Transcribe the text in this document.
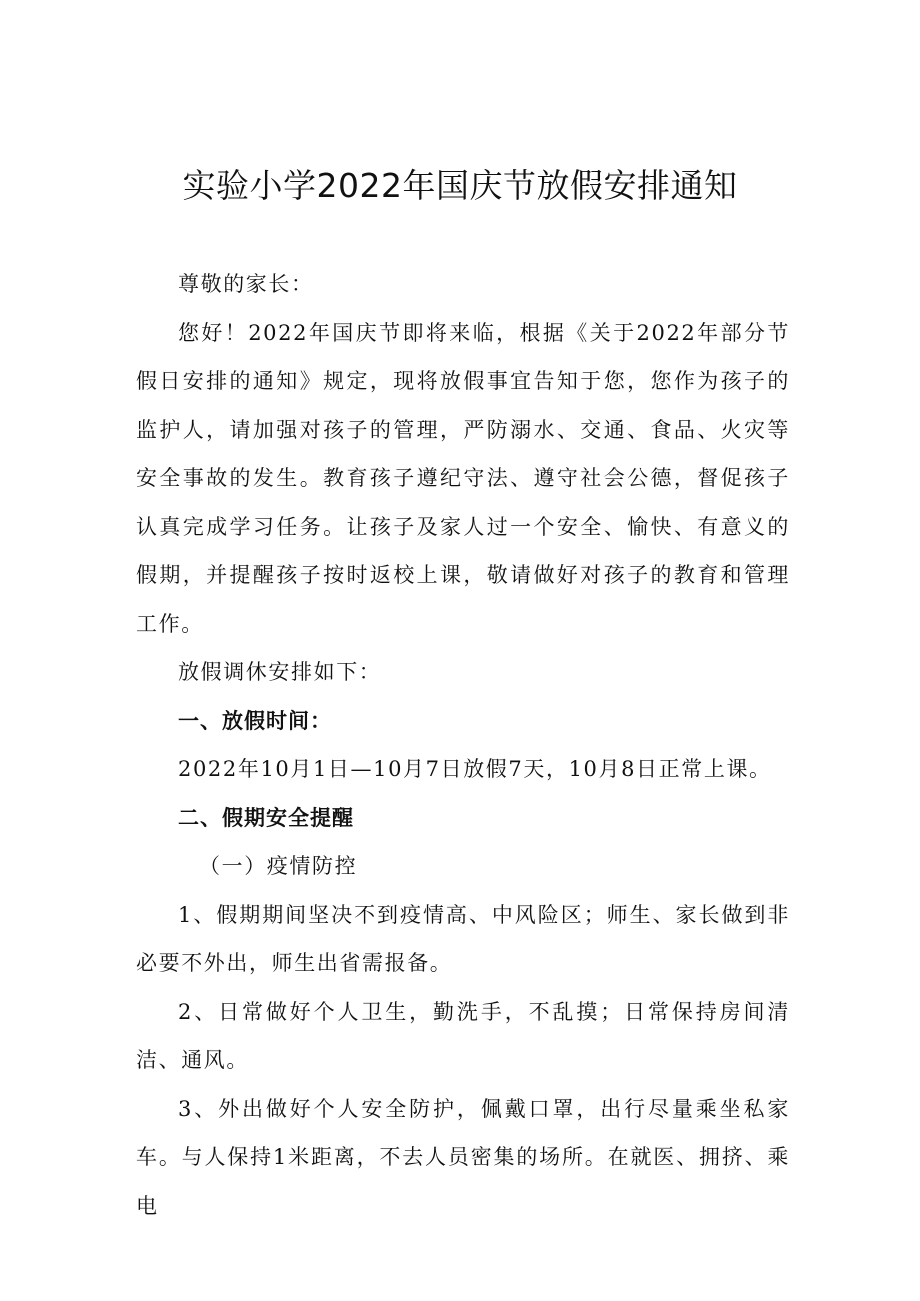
实验小学2022年国庆节放假安排通知

尊敬的家长：

您好！2022年国庆节即将来临，根据《关于2022年部分节假日安排的通知》规定，现将放假事宜告知于您，您作为孩子的监护人，请加强对孩子的管理，严防溺水、交通、食品、火灾等安全事故的发生。教育孩子遵纪守法、遵守社会公德，督促孩子认真完成学习任务。让孩子及家人过一个安全、愉快、有意义的假期，并提醒孩子按时返校上课，敬请做好对孩子的教育和管理工作。

放假调休安排如下：

一、放假时间：

2022年10月1日—10月7日放假7天，10月8日正常上课。

二、假期安全提醒

（一）疫情防控

1、假期期间坚决不到疫情高、中风险区；师生、家长做到非必要不外出，师生出省需报备。

2、日常做好个人卫生，勤洗手，不乱摸；日常保持房间清洁、通风。

3、外出做好个人安全防护，佩戴口罩，出行尽量乘坐私家车。与人保持1米距离，不去人员密集的场所。在就医、拥挤、乘电
